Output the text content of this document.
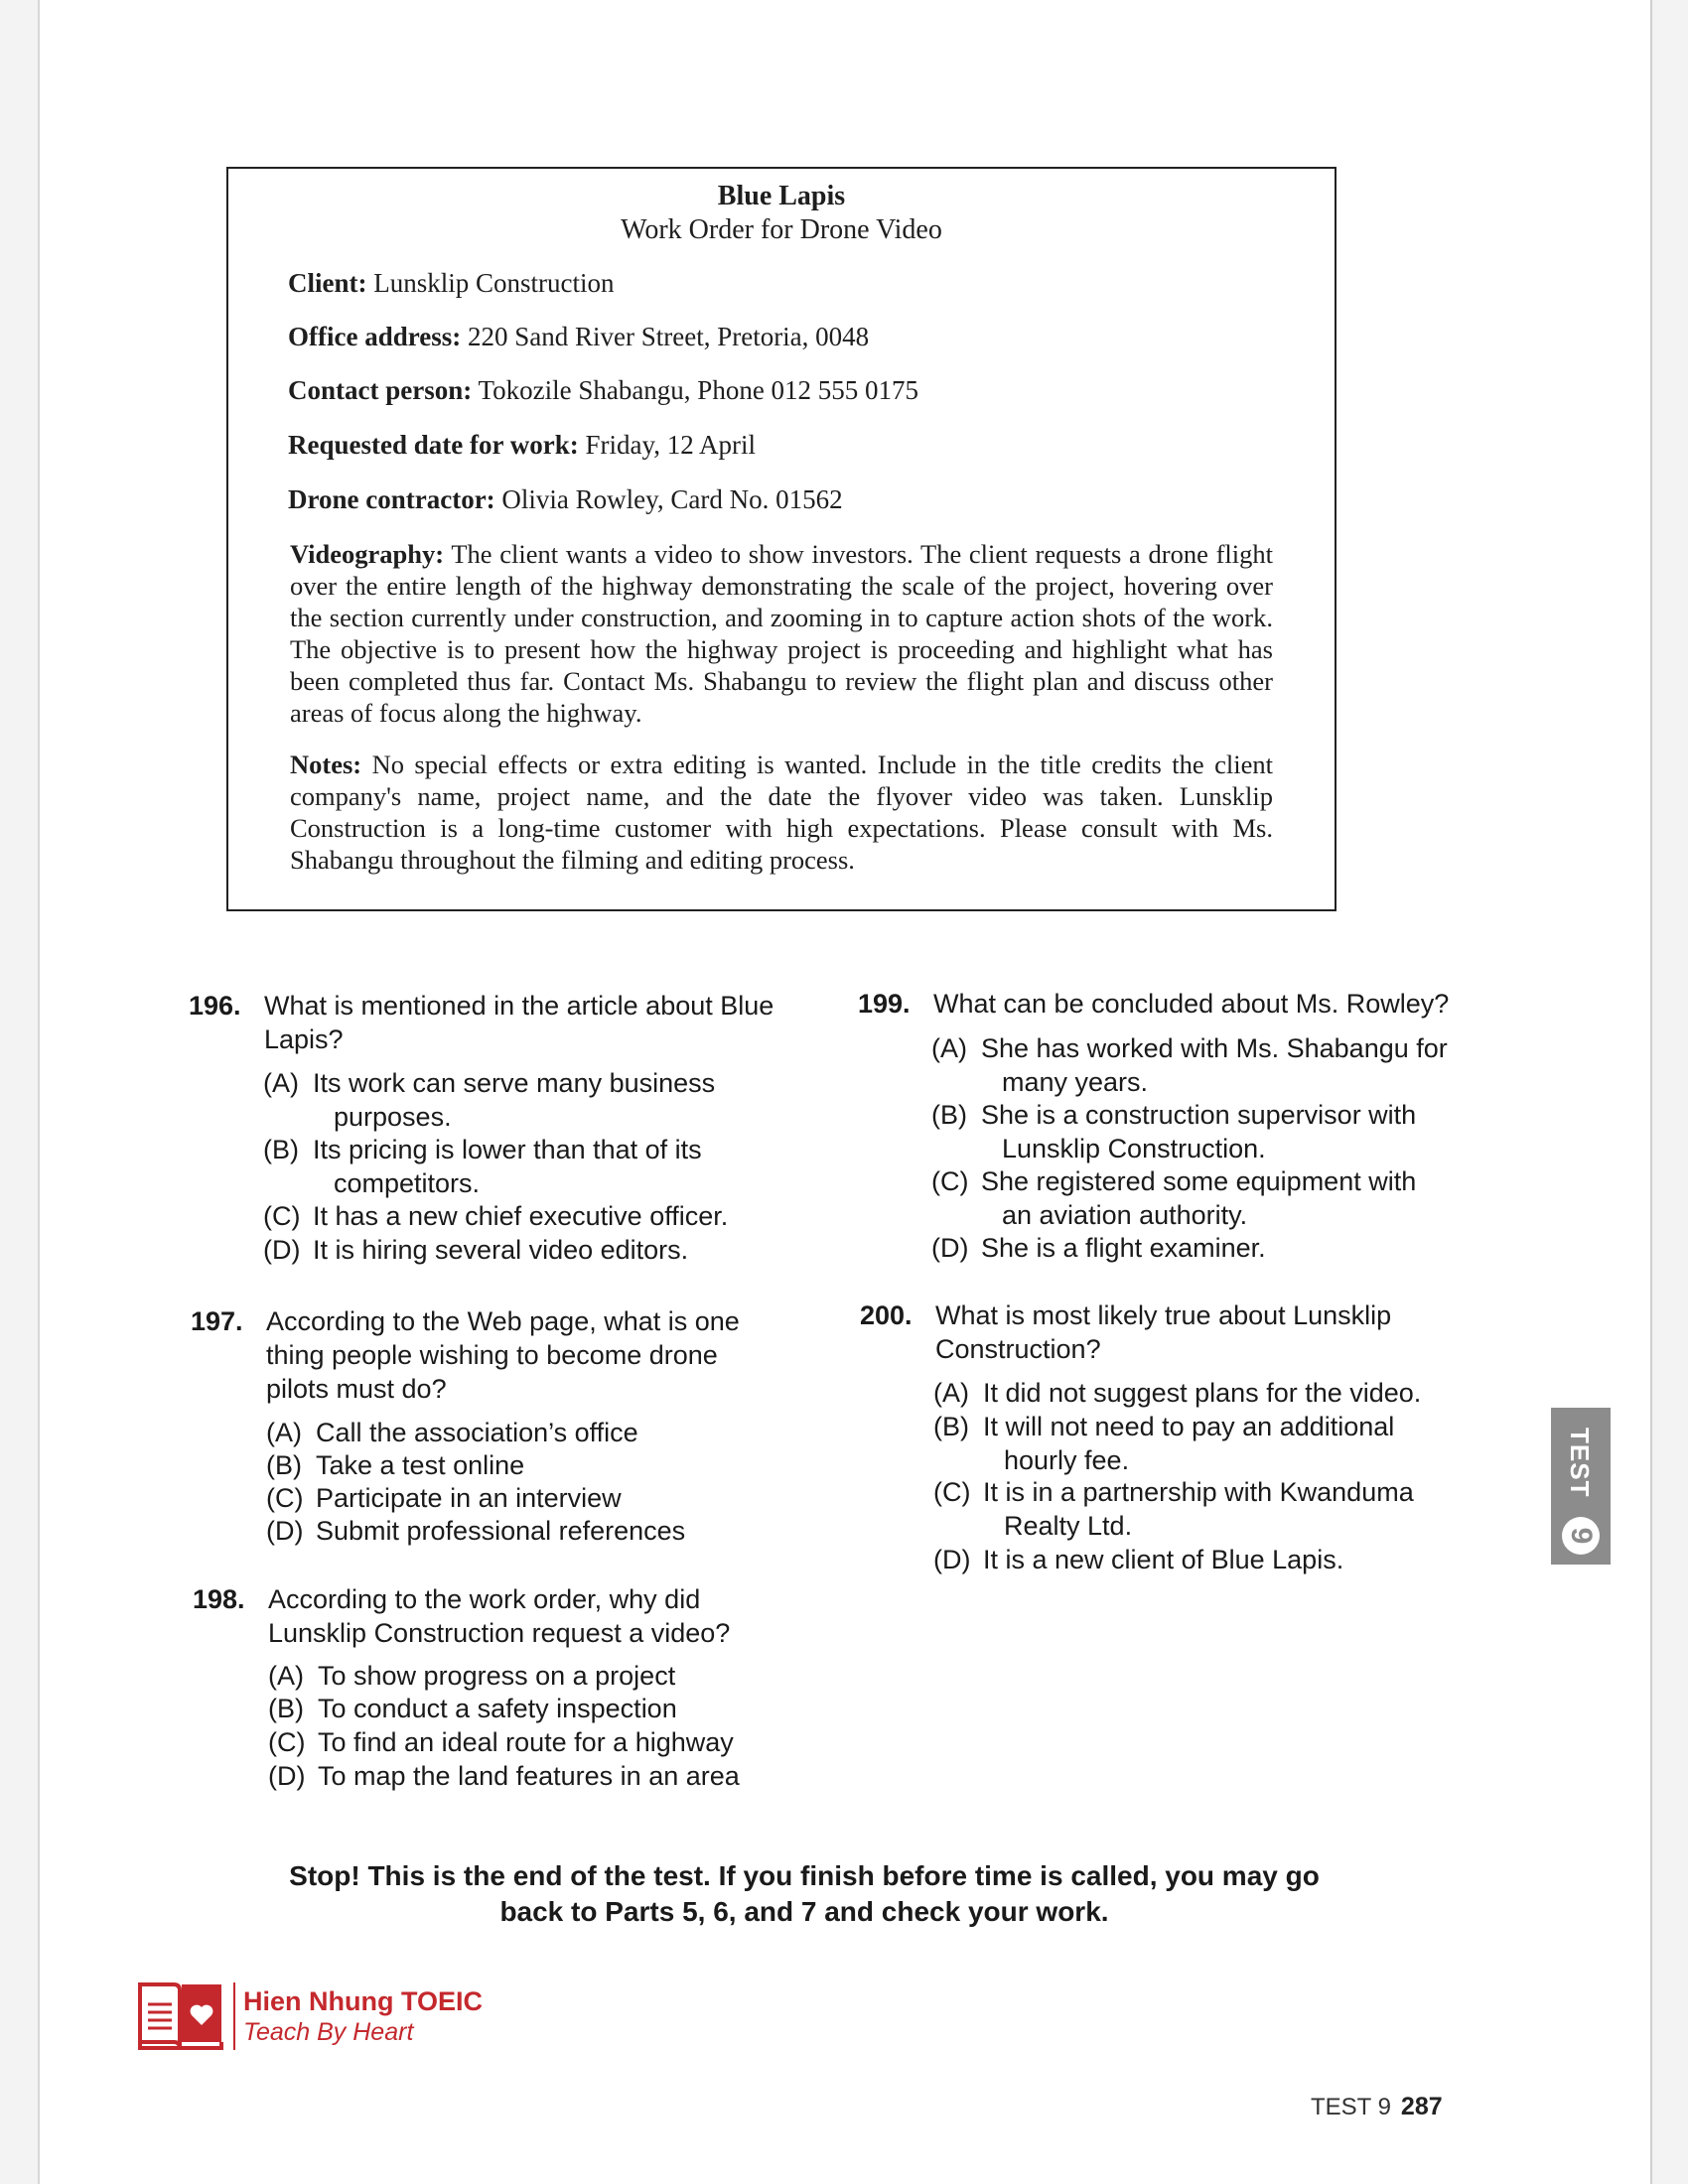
Blue Lapis
Work Order for Drone Video
Client: Lunsklip Construction
Office address: 220 Sand River Street, Pretoria, 0048
Contact person: Tokozile Shabangu, Phone 012 555 0175
Requested date for work: Friday, 12 April
Drone contractor: Olivia Rowley, Card No. 01562
Videography: The client wants a video to show investors. The client requests a drone flight over the entire length of the highway demonstrating the scale of the project, hovering over the section currently under construction, and zooming in to capture action shots of the work. The objective is to present how the highway project is proceeding and highlight what has been completed thus far. Contact Ms. Shabangu to review the flight plan and discuss other areas of focus along the highway.
Notes: No special effects or extra editing is wanted. Include in the title credits the client company's name, project name, and the date the flyover video was taken. Lunsklip Construction is a long-time customer with high expectations. Please consult with Ms. Shabangu throughout the filming and editing process.
196. What is mentioned in the article about Blue
Lapis?
(A) Its work can serve many business
purposes.
(B) Its pricing is lower than that of its
competitors.
(C) It has a new chief executive officer.
(D) It is hiring several video editors.
197. According to the Web page, what is one
thing people wishing to become drone
pilots must do?
(A) Call the association’s office
(B) Take a test online
(C) Participate in an interview
(D) Submit professional references
198. According to the work order, why did
Lunsklip Construction request a video?
(A) To show progress on a project
(B) To conduct a safety inspection
(C) To find an ideal route for a highway
(D) To map the land features in an area
199. What can be concluded about Ms. Rowley?
(A) She has worked with Ms. Shabangu for
many years.
(B) She is a construction supervisor with
Lunsklip Construction.
(C) She registered some equipment with
an aviation authority.
(D) She is a flight examiner.
200. What is most likely true about Lunsklip
Construction?
(A) It did not suggest plans for the video.
(B) It will not need to pay an additional
hourly fee.
(C) It is in a partnership with Kwanduma
Realty Ltd.
(D) It is a new client of Blue Lapis.
Stop! This is the end of the test. If you finish before time is called, you may go
back to Parts 5, 6, and 7 and check your work.
TEST
9
Hien Nhung TOEIC
Teach By Heart
TEST 9 287
